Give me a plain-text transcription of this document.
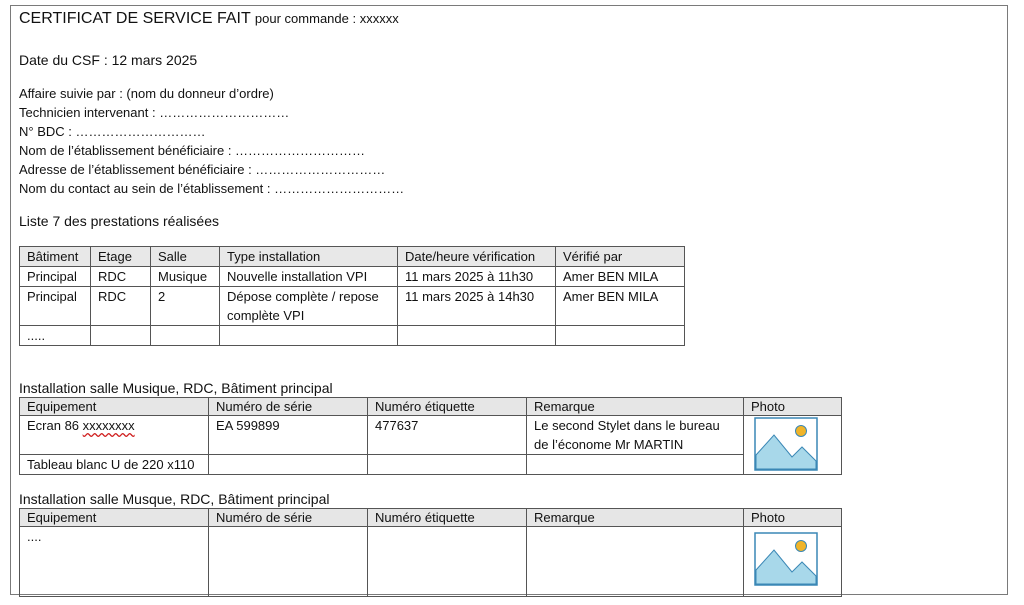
CERTIFICAT DE SERVICE FAIT pour commande : xxxxxx
Date du CSF : 12 mars 2025
Affaire suivie par : (nom du donneur d’ordre)
Technicien intervenant : …………………………
N° BDC : …………………………
Nom de l’établissement bénéficiaire : …………………………
Adresse de l’établissement bénéficiaire : …………………………
Nom du contact au sein de l’établissement : …………………………
Liste 7 des prestations réalisées
Bâtiment	Etage	Salle	Type installation	Date/heure vérification	Vérifié par
Principal	RDC	Musique	Nouvelle installation VPI	11 mars 2025 à 11h30	Amer BEN MILA
Principal	RDC	2	Dépose complète / repose complète VPI	11 mars 2025 à 14h30	Amer BEN MILA
.....					
Installation salle Musique, RDC, Bâtiment principal
Equipement	Numéro de série	Numéro étiquette	Remarque	Photo
Ecran 86 xxxxxxxx	EA 599899	477637	Le second Stylet dans le bureau de l’économe Mr MARTIN	

Tableau blanc U de 220 x110				
Installation salle Musque, RDC, Bâtiment principal
Equipement	Numéro de série	Numéro étiquette	Remarque	Photo
....				
